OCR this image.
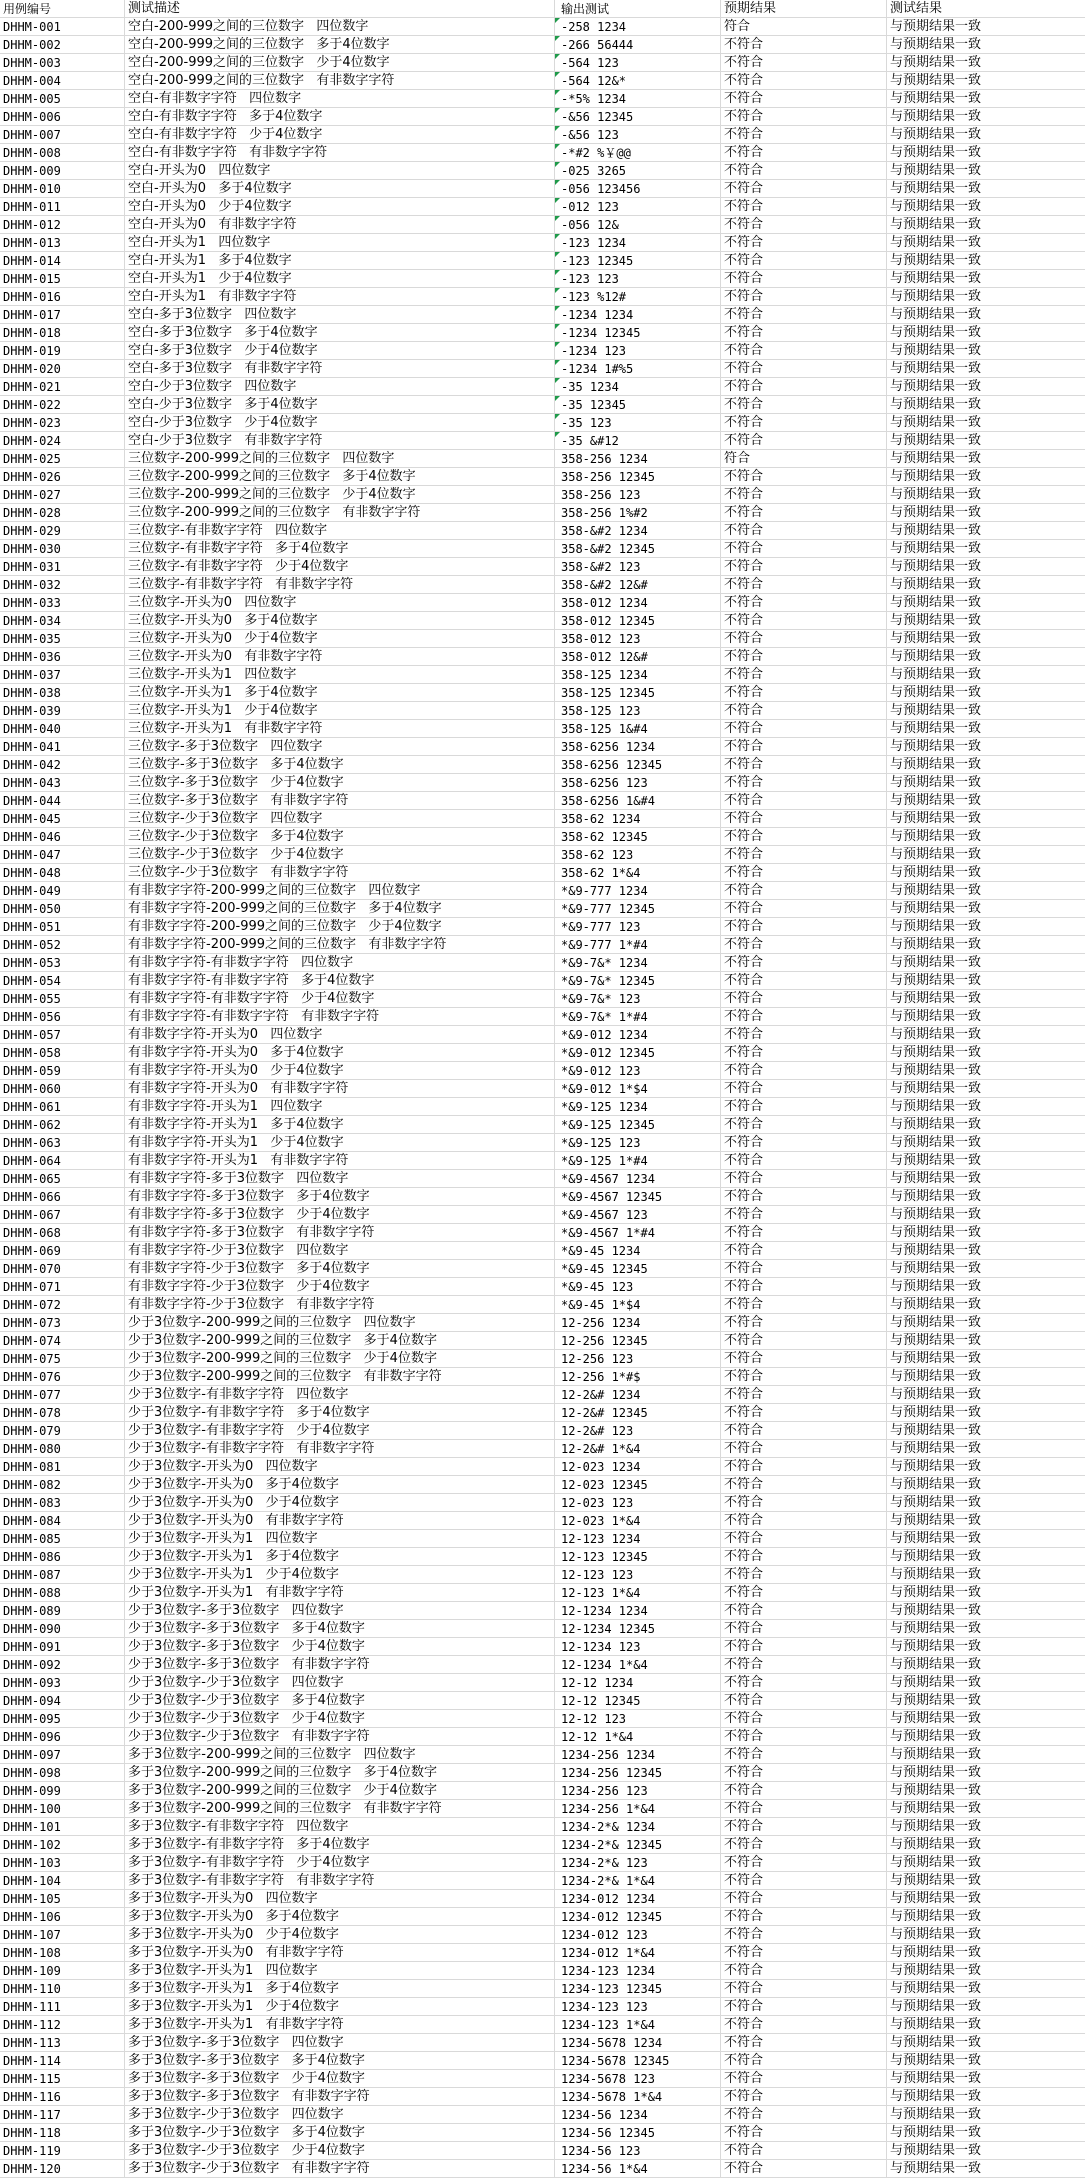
用例编号	测试描述	输出测试	预期结果	测试结果
DHHM-001	空白-200-999之间的三位数字   四位数字	-258 1234	符合	与预期结果一致
DHHM-002	空白-200-999之间的三位数字   多于4位数字	-266 56444	不符合	与预期结果一致
DHHM-003	空白-200-999之间的三位数字   少于4位数字	-564 123	不符合	与预期结果一致
DHHM-004	空白-200-999之间的三位数字   有非数字字符	-564 12&*	不符合	与预期结果一致
DHHM-005	空白-有非数字字符   四位数字	-*5% 1234	不符合	与预期结果一致
DHHM-006	空白-有非数字字符   多于4位数字	-&56 12345	不符合	与预期结果一致
DHHM-007	空白-有非数字字符   少于4位数字	-&56 123	不符合	与预期结果一致
DHHM-008	空白-有非数字字符   有非数字字符	-*#2 %￥@@	不符合	与预期结果一致
DHHM-009	空白-开头为0   四位数字	-025 3265	不符合	与预期结果一致
DHHM-010	空白-开头为0   多于4位数字	-056 123456	不符合	与预期结果一致
DHHM-011	空白-开头为0   少于4位数字	-012 123	不符合	与预期结果一致
DHHM-012	空白-开头为0   有非数字字符	-056 12&	不符合	与预期结果一致
DHHM-013	空白-开头为1   四位数字	-123 1234	不符合	与预期结果一致
DHHM-014	空白-开头为1   多于4位数字	-123 12345	不符合	与预期结果一致
DHHM-015	空白-开头为1   少于4位数字	-123 123	不符合	与预期结果一致
DHHM-016	空白-开头为1   有非数字字符	-123 %12#	不符合	与预期结果一致
DHHM-017	空白-多于3位数字   四位数字	-1234 1234	不符合	与预期结果一致
DHHM-018	空白-多于3位数字   多于4位数字	-1234 12345	不符合	与预期结果一致
DHHM-019	空白-多于3位数字   少于4位数字	-1234 123	不符合	与预期结果一致
DHHM-020	空白-多于3位数字   有非数字字符	-1234 1#%5	不符合	与预期结果一致
DHHM-021	空白-少于3位数字   四位数字	-35 1234	不符合	与预期结果一致
DHHM-022	空白-少于3位数字   多于4位数字	-35 12345	不符合	与预期结果一致
DHHM-023	空白-少于3位数字   少于4位数字	-35 123	不符合	与预期结果一致
DHHM-024	空白-少于3位数字   有非数字字符	-35 &#12	不符合	与预期结果一致
DHHM-025	三位数字-200-999之间的三位数字   四位数字	358-256 1234	符合	与预期结果一致
DHHM-026	三位数字-200-999之间的三位数字   多于4位数字	358-256 12345	不符合	与预期结果一致
DHHM-027	三位数字-200-999之间的三位数字   少于4位数字	358-256 123	不符合	与预期结果一致
DHHM-028	三位数字-200-999之间的三位数字   有非数字字符	358-256 1%#2	不符合	与预期结果一致
DHHM-029	三位数字-有非数字字符   四位数字	358-&#2 1234	不符合	与预期结果一致
DHHM-030	三位数字-有非数字字符   多于4位数字	358-&#2 12345	不符合	与预期结果一致
DHHM-031	三位数字-有非数字字符   少于4位数字	358-&#2 123	不符合	与预期结果一致
DHHM-032	三位数字-有非数字字符   有非数字字符	358-&#2 12&#	不符合	与预期结果一致
DHHM-033	三位数字-开头为0   四位数字	358-012 1234	不符合	与预期结果一致
DHHM-034	三位数字-开头为0   多于4位数字	358-012 12345	不符合	与预期结果一致
DHHM-035	三位数字-开头为0   少于4位数字	358-012 123	不符合	与预期结果一致
DHHM-036	三位数字-开头为0   有非数字字符	358-012 12&#	不符合	与预期结果一致
DHHM-037	三位数字-开头为1   四位数字	358-125 1234	不符合	与预期结果一致
DHHM-038	三位数字-开头为1   多于4位数字	358-125 12345	不符合	与预期结果一致
DHHM-039	三位数字-开头为1   少于4位数字	358-125 123	不符合	与预期结果一致
DHHM-040	三位数字-开头为1   有非数字字符	358-125 1&#4	不符合	与预期结果一致
DHHM-041	三位数字-多于3位数字   四位数字	358-6256 1234	不符合	与预期结果一致
DHHM-042	三位数字-多于3位数字   多于4位数字	358-6256 12345	不符合	与预期结果一致
DHHM-043	三位数字-多于3位数字   少于4位数字	358-6256 123	不符合	与预期结果一致
DHHM-044	三位数字-多于3位数字   有非数字字符	358-6256 1&#4	不符合	与预期结果一致
DHHM-045	三位数字-少于3位数字   四位数字	358-62 1234	不符合	与预期结果一致
DHHM-046	三位数字-少于3位数字   多于4位数字	358-62 12345	不符合	与预期结果一致
DHHM-047	三位数字-少于3位数字   少于4位数字	358-62 123	不符合	与预期结果一致
DHHM-048	三位数字-少于3位数字   有非数字字符	358-62 1*&4	不符合	与预期结果一致
DHHM-049	有非数字字符-200-999之间的三位数字   四位数字	*&9-777 1234	不符合	与预期结果一致
DHHM-050	有非数字字符-200-999之间的三位数字   多于4位数字	*&9-777 12345	不符合	与预期结果一致
DHHM-051	有非数字字符-200-999之间的三位数字   少于4位数字	*&9-777 123	不符合	与预期结果一致
DHHM-052	有非数字字符-200-999之间的三位数字   有非数字字符	*&9-777 1*#4	不符合	与预期结果一致
DHHM-053	有非数字字符-有非数字字符   四位数字	*&9-7&* 1234	不符合	与预期结果一致
DHHM-054	有非数字字符-有非数字字符   多于4位数字	*&9-7&* 12345	不符合	与预期结果一致
DHHM-055	有非数字字符-有非数字字符   少于4位数字	*&9-7&* 123	不符合	与预期结果一致
DHHM-056	有非数字字符-有非数字字符   有非数字字符	*&9-7&* 1*#4	不符合	与预期结果一致
DHHM-057	有非数字字符-开头为0   四位数字	*&9-012 1234	不符合	与预期结果一致
DHHM-058	有非数字字符-开头为0   多于4位数字	*&9-012 12345	不符合	与预期结果一致
DHHM-059	有非数字字符-开头为0   少于4位数字	*&9-012 123	不符合	与预期结果一致
DHHM-060	有非数字字符-开头为0   有非数字字符	*&9-012 1*$4	不符合	与预期结果一致
DHHM-061	有非数字字符-开头为1   四位数字	*&9-125 1234	不符合	与预期结果一致
DHHM-062	有非数字字符-开头为1   多于4位数字	*&9-125 12345	不符合	与预期结果一致
DHHM-063	有非数字字符-开头为1   少于4位数字	*&9-125 123	不符合	与预期结果一致
DHHM-064	有非数字字符-开头为1   有非数字字符	*&9-125 1*#4	不符合	与预期结果一致
DHHM-065	有非数字字符-多于3位数字   四位数字	*&9-4567 1234	不符合	与预期结果一致
DHHM-066	有非数字字符-多于3位数字   多于4位数字	*&9-4567 12345	不符合	与预期结果一致
DHHM-067	有非数字字符-多于3位数字   少于4位数字	*&9-4567 123	不符合	与预期结果一致
DHHM-068	有非数字字符-多于3位数字   有非数字字符	*&9-4567 1*#4	不符合	与预期结果一致
DHHM-069	有非数字字符-少于3位数字   四位数字	*&9-45 1234	不符合	与预期结果一致
DHHM-070	有非数字字符-少于3位数字   多于4位数字	*&9-45 12345	不符合	与预期结果一致
DHHM-071	有非数字字符-少于3位数字   少于4位数字	*&9-45 123	不符合	与预期结果一致
DHHM-072	有非数字字符-少于3位数字   有非数字字符	*&9-45 1*$4	不符合	与预期结果一致
DHHM-073	少于3位数字-200-999之间的三位数字   四位数字	12-256 1234	不符合	与预期结果一致
DHHM-074	少于3位数字-200-999之间的三位数字   多于4位数字	12-256 12345	不符合	与预期结果一致
DHHM-075	少于3位数字-200-999之间的三位数字   少于4位数字	12-256 123	不符合	与预期结果一致
DHHM-076	少于3位数字-200-999之间的三位数字   有非数字字符	12-256 1*#$	不符合	与预期结果一致
DHHM-077	少于3位数字-有非数字字符   四位数字	12-2&# 1234	不符合	与预期结果一致
DHHM-078	少于3位数字-有非数字字符   多于4位数字	12-2&# 12345	不符合	与预期结果一致
DHHM-079	少于3位数字-有非数字字符   少于4位数字	12-2&# 123	不符合	与预期结果一致
DHHM-080	少于3位数字-有非数字字符   有非数字字符	12-2&# 1*&4	不符合	与预期结果一致
DHHM-081	少于3位数字-开头为0   四位数字	12-023 1234	不符合	与预期结果一致
DHHM-082	少于3位数字-开头为0   多于4位数字	12-023 12345	不符合	与预期结果一致
DHHM-083	少于3位数字-开头为0   少于4位数字	12-023 123	不符合	与预期结果一致
DHHM-084	少于3位数字-开头为0   有非数字字符	12-023 1*&4	不符合	与预期结果一致
DHHM-085	少于3位数字-开头为1   四位数字	12-123 1234	不符合	与预期结果一致
DHHM-086	少于3位数字-开头为1   多于4位数字	12-123 12345	不符合	与预期结果一致
DHHM-087	少于3位数字-开头为1   少于4位数字	12-123 123	不符合	与预期结果一致
DHHM-088	少于3位数字-开头为1   有非数字字符	12-123 1*&4	不符合	与预期结果一致
DHHM-089	少于3位数字-多于3位数字   四位数字	12-1234 1234	不符合	与预期结果一致
DHHM-090	少于3位数字-多于3位数字   多于4位数字	12-1234 12345	不符合	与预期结果一致
DHHM-091	少于3位数字-多于3位数字   少于4位数字	12-1234 123	不符合	与预期结果一致
DHHM-092	少于3位数字-多于3位数字   有非数字字符	12-1234 1*&4	不符合	与预期结果一致
DHHM-093	少于3位数字-少于3位数字   四位数字	12-12 1234	不符合	与预期结果一致
DHHM-094	少于3位数字-少于3位数字   多于4位数字	12-12 12345	不符合	与预期结果一致
DHHM-095	少于3位数字-少于3位数字   少于4位数字	12-12 123	不符合	与预期结果一致
DHHM-096	少于3位数字-少于3位数字   有非数字字符	12-12 1*&4	不符合	与预期结果一致
DHHM-097	多于3位数字-200-999之间的三位数字   四位数字	1234-256 1234	不符合	与预期结果一致
DHHM-098	多于3位数字-200-999之间的三位数字   多于4位数字	1234-256 12345	不符合	与预期结果一致
DHHM-099	多于3位数字-200-999之间的三位数字   少于4位数字	1234-256 123	不符合	与预期结果一致
DHHM-100	多于3位数字-200-999之间的三位数字   有非数字字符	1234-256 1*&4	不符合	与预期结果一致
DHHM-101	多于3位数字-有非数字字符   四位数字	1234-2*& 1234	不符合	与预期结果一致
DHHM-102	多于3位数字-有非数字字符   多于4位数字	1234-2*& 12345	不符合	与预期结果一致
DHHM-103	多于3位数字-有非数字字符   少于4位数字	1234-2*& 123	不符合	与预期结果一致
DHHM-104	多于3位数字-有非数字字符   有非数字字符	1234-2*& 1*&4	不符合	与预期结果一致
DHHM-105	多于3位数字-开头为0   四位数字	1234-012 1234	不符合	与预期结果一致
DHHM-106	多于3位数字-开头为0   多于4位数字	1234-012 12345	不符合	与预期结果一致
DHHM-107	多于3位数字-开头为0   少于4位数字	1234-012 123	不符合	与预期结果一致
DHHM-108	多于3位数字-开头为0   有非数字字符	1234-012 1*&4	不符合	与预期结果一致
DHHM-109	多于3位数字-开头为1   四位数字	1234-123 1234	不符合	与预期结果一致
DHHM-110	多于3位数字-开头为1   多于4位数字	1234-123 12345	不符合	与预期结果一致
DHHM-111	多于3位数字-开头为1   少于4位数字	1234-123 123	不符合	与预期结果一致
DHHM-112	多于3位数字-开头为1   有非数字字符	1234-123 1*&4	不符合	与预期结果一致
DHHM-113	多于3位数字-多于3位数字   四位数字	1234-5678 1234	不符合	与预期结果一致
DHHM-114	多于3位数字-多于3位数字   多于4位数字	1234-5678 12345	不符合	与预期结果一致
DHHM-115	多于3位数字-多于3位数字   少于4位数字	1234-5678 123	不符合	与预期结果一致
DHHM-116	多于3位数字-多于3位数字   有非数字字符	1234-5678 1*&4	不符合	与预期结果一致
DHHM-117	多于3位数字-少于3位数字   四位数字	1234-56 1234	不符合	与预期结果一致
DHHM-118	多于3位数字-少于3位数字   多于4位数字	1234-56 12345	不符合	与预期结果一致
DHHM-119	多于3位数字-少于3位数字   少于4位数字	1234-56 123	不符合	与预期结果一致
DHHM-120	多于3位数字-少于3位数字   有非数字字符	1234-56 1*&4	不符合	与预期结果一致
